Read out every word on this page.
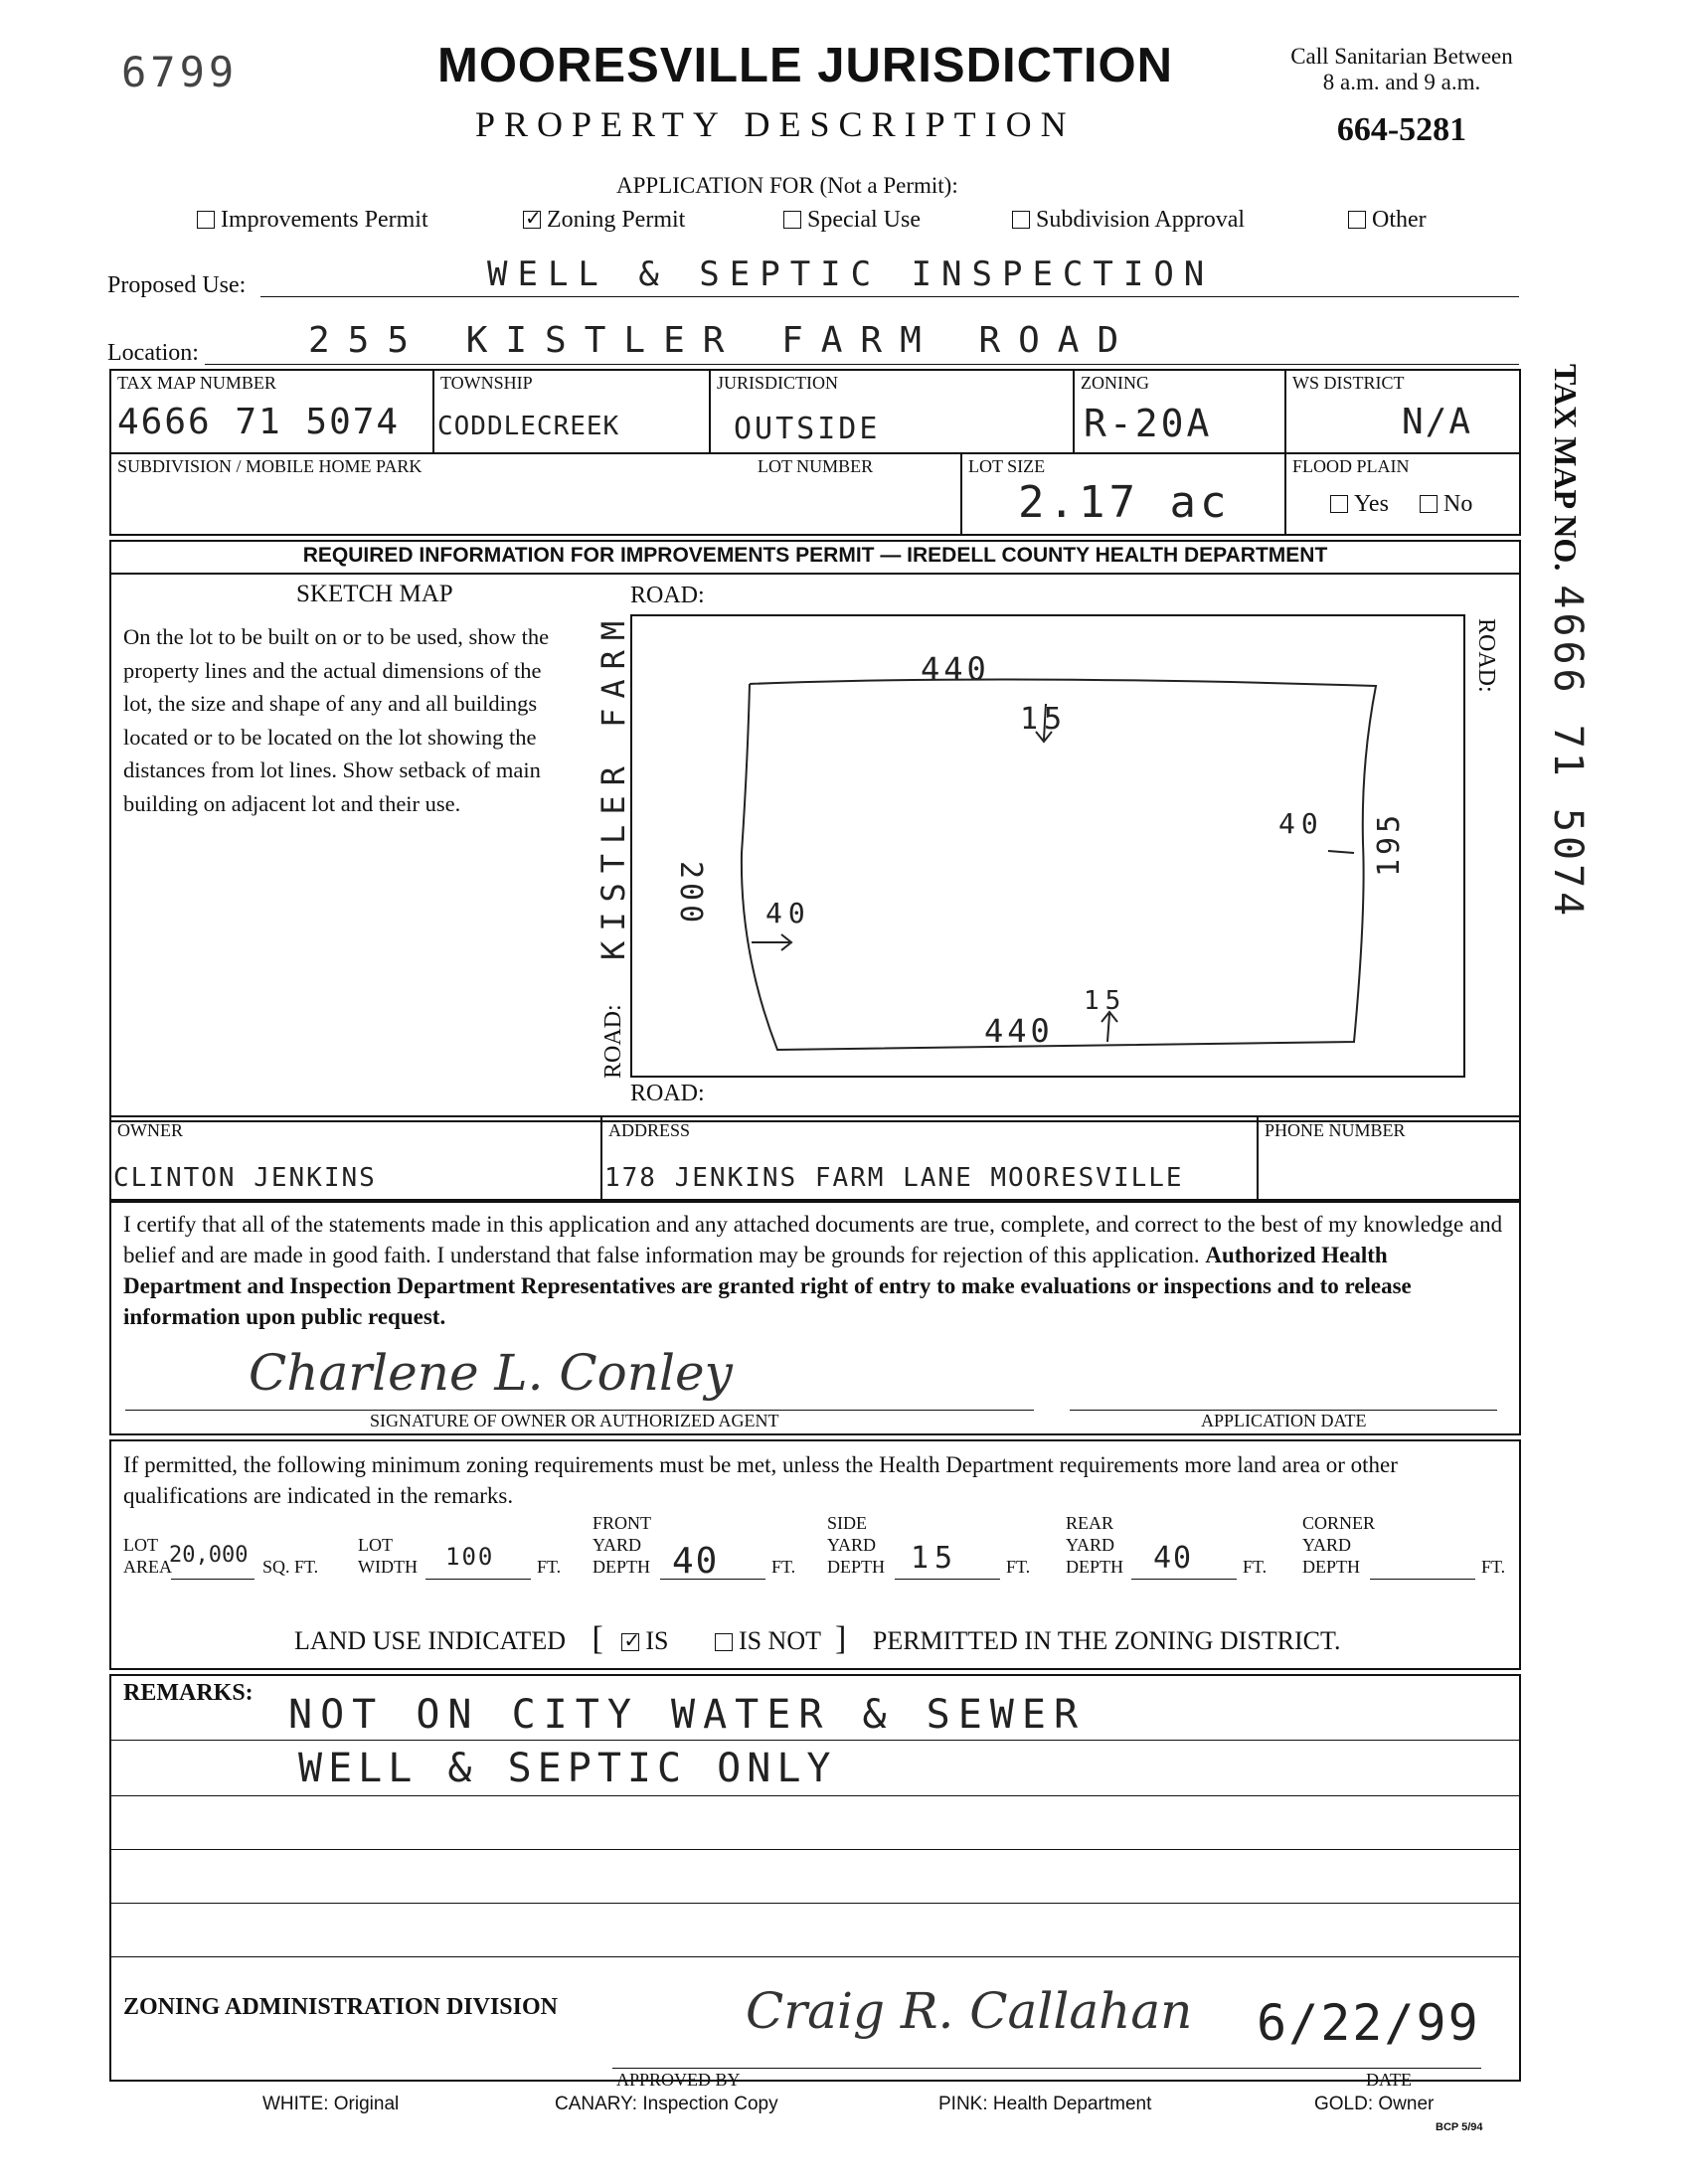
6799	MOORESVILLE JURISDICTION
PROPERTY DESCRIPTION
Call Sanitarian Between
8 a.m. and 9 a.m.
664-5281
APPLICATION FOR (Not a Permit):
Improvements Permit ✓	Zoning Permit	Special Use	Subdivision Approval	Other
Proposed Use:	WELL & SEPTIC INSPECTION
Location:	255 KISTLER FARM ROAD
TAX MAP NUMBER
4666 71 5074
TOWNSHIP
CODDLECREEK
JURISDICTION
OUTSIDE
ZONING
R-20A
WS DISTRICT
N/A
SUBDIVISION / MOBILE HOME PARK	LOT NUMBER	LOT SIZE
2.17 ac
FLOOD PLAIN
Yes	No TAX MAP NO. 4666 71 5074
REQUIRED INFORMATION FOR IMPROVEMENTS PERMIT — IREDELL COUNTY HEALTH DEPARTMENT
SKETCH MAP
On the lot to be built on or to be used, show the property lines and the actual dimensions of the lot, the size and shape of any and all buildings located or to be located on the lot showing the distances from lot lines. Show setback of main building on adjacent lot and their use.
ROAD:
ROAD:
ROAD:
ROAD:
KISTLER FARM	440
440
200
195
15
15
40
40
OWNER
CLINTON JENKINS
ADDRESS
178 JENKINS FARM LANE MOORESVILLE
PHONE NUMBER
I certify that all of the statements made in this application and any attached documents are true, complete, and correct to the best of my knowledge and belief and are made in good faith. I understand that false information may be grounds for rejection of this application. Authorized Health Department and Inspection Department Representatives are granted right of entry to make evaluations or inspections and to release information upon public request.
Charlene L. Conley
SIGNATURE OF OWNER OR AUTHORIZED AGENT	APPLICATION DATE
If permitted, the following minimum zoning requirements must be met, unless the Health Department requirements more land area or other qualifications are indicated in the remarks.
LOT
AREA
20,000 SQ. FT.
LOT
WIDTH 100 FT.
FRONT
YARD
DEPTH 40	FT.
SIDE
YARD
DEPTH 15	FT.
REAR
YARD
DEPTH 40	FT.
CORNER
YARD
DEPTH	FT.
LAND USE INDICATED [ ✓ IS	IS NOT ] PERMITTED IN THE ZONING DISTRICT.
REMARKS: NOT ON CITY WATER & SEWER
WELL & SEPTIC ONLY
ZONING ADMINISTRATION DIVISION	Craig R. Callahan 6/22/99
APPROVED BY	DATE
WHITE: Original	CANARY: Inspection Copy	PINK: Health Department	GOLD: Owner
BCP 5/94
